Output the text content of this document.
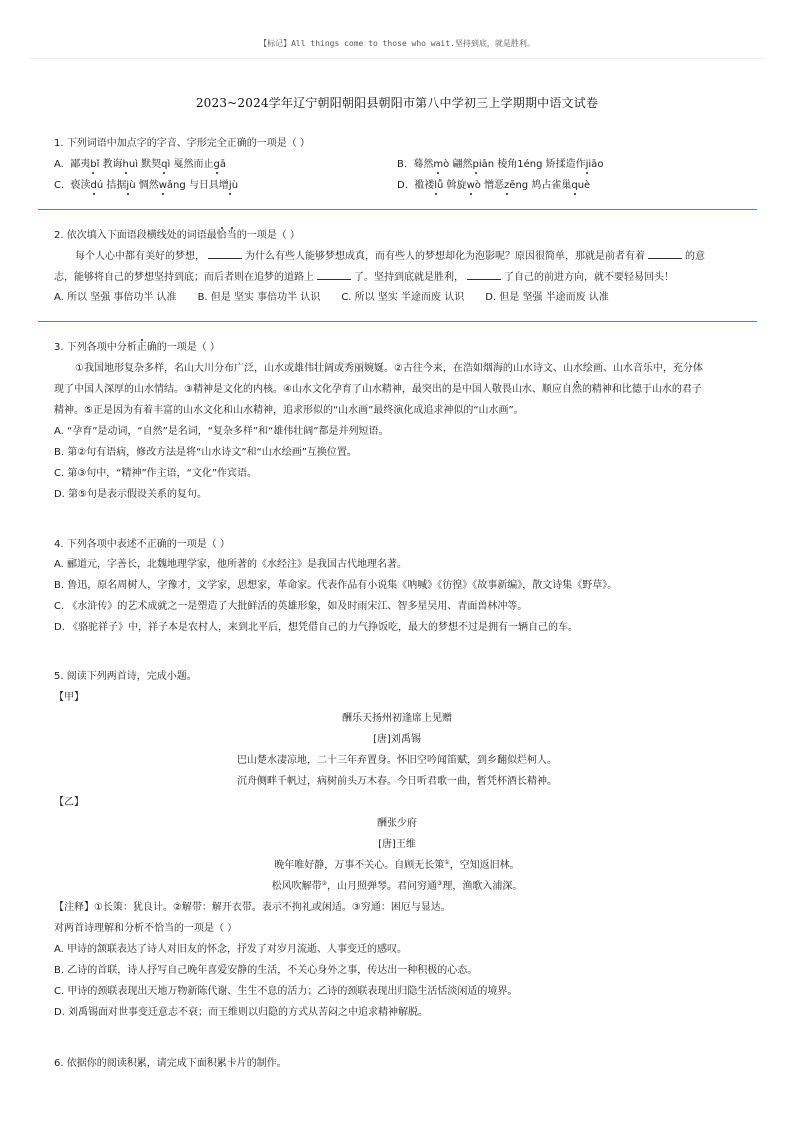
【标记】All things come to those who wait.坚持到底，就是胜利。
2023~2024学年辽宁朝阳朝阳县朝阳市第八中学初三上学期期中语文试卷
1. 下列词语中加点字的字音、字形完全正确的一项是（ ）
A. 鄙夷bǐ 教诲huì 默契qì 戛然而止gā	B. 蓦然mò 翩然piān 棱角1éng 矫揉造作jiāo
C. 亵渎dú 拮据jù 惆然wǎng 与日具增jù	D. 褴褛lǚ 斡旋wò 憎恶zēng 鸠占雀巢què
2. 依次填入下面语段横线处的词语最恰当的一项是（ ）
每个人心中都有美好的梦想，	为什么有些人能够梦想成真，而有些人的梦想却化为泡影呢？原因很简单，那就是前者有着	的意
志，能够将自己的梦想坚持到底；而后者则在追梦的道路上	了。坚持到底就是胜利，	了自己的前进方向，就不要轻易回头！
A. 所以 坚强 事倍功半 认准 B. 但是 坚实 事倍功半 认识 C. 所以 坚实 半途而废 认识 D. 但是 坚强 半途而废 认准
3. 下列各项中分析正确的一项是（ ）
①我国地形复杂多样，名山大川分布广泛，山水或雄伟壮阔或秀丽婉娫。②古往今来，在浩如烟海的山水诗文、山水绘画、山水音乐中，充分体
现了中国人深厚的山水情结。③精神是文化的内核。④山水文化孕育了山水精神，最突出的是中国人敬畏山水、顺应自然的精神和比德于山水的君子
精神。⑤正是因为有着丰富的山水文化和山水精神，追求形似的“山水画”最终演化成追求神似的“山水画”。
A. “孕育”是动词，“自然”是名词，“复杂多样”和“雄伟壮阔”都是并列短语。
B. 第②句有语病，修改方法是将“山水诗文”和“山水绘画”互换位置。
C. 第③句中，“精神”作主语，“文化”作宾语。
D. 第⑤句是表示假设关系的复句。
4. 下列各项中表述不正确的一项是（ ）
A. 郦道元，字善长，北魏地理学家，他所著的《水经注》是我国古代地理名著。
B. 鲁迅，原名周树人，字豫才，文学家，思想家，革命家。代表作品有小说集《呐喊》《彷徨》《故事新编》，散文诗集《野草》。
C. 《水浒传》的艺术成就之一是塑造了大批鲜活的英雄形象，如及时雨宋江、智多星吴用、青面兽林冲等。
D. 《骆驼祥子》中，祥子本是农村人，来到北平后，想凭借自己的力气挣饭吃，最大的梦想不过是拥有一辆自己的车。
5. 阅读下列两首诗，完成小题。
【甲】
酬乐天扬州初逢席上见赠
[唐]刘禹锡
巴山楚水凄凉地，二十三年弃置身。怀旧空吟闻笛赋，到乡翻似烂柯人。
沉舟侧畔千帆过，病树前头万木春。今日听君歌一曲，暂凭杯酒长精神。
【乙】
酬张少府
[唐]王维
晚年唯好静，万事不关心。自顾无长策①，空知返旧林。
松风吹解带②，山月照弹琴。君问穷通③理，渔歌入浦深。
【注释】①长策：犹良计。②解带：解开衣带。表示不拘礼或闲适。③穷通：困厄与显达。
对两首诗理解和分析不恰当的一项是（ ）
A. 甲诗的颔联表达了诗人对旧友的怀念，抒发了对岁月流逝、人事变迁的感叹。
B. 乙诗的首联，诗人抒写自己晚年喜爱安静的生活，不关心身外之事，传达出一种积极的心态。
C. 甲诗的颈联表现出天地万物新陈代谢、生生不息的活力；乙诗的颈联表现出归隐生活恬淡闲适的境界。
D. 刘禹锡面对世事变迁意志不衰；而王维则以归隐的方式从苦闷之中追求精神解脱。
6. 依据你的阅读积累，请完成下面积累卡片的制作。
